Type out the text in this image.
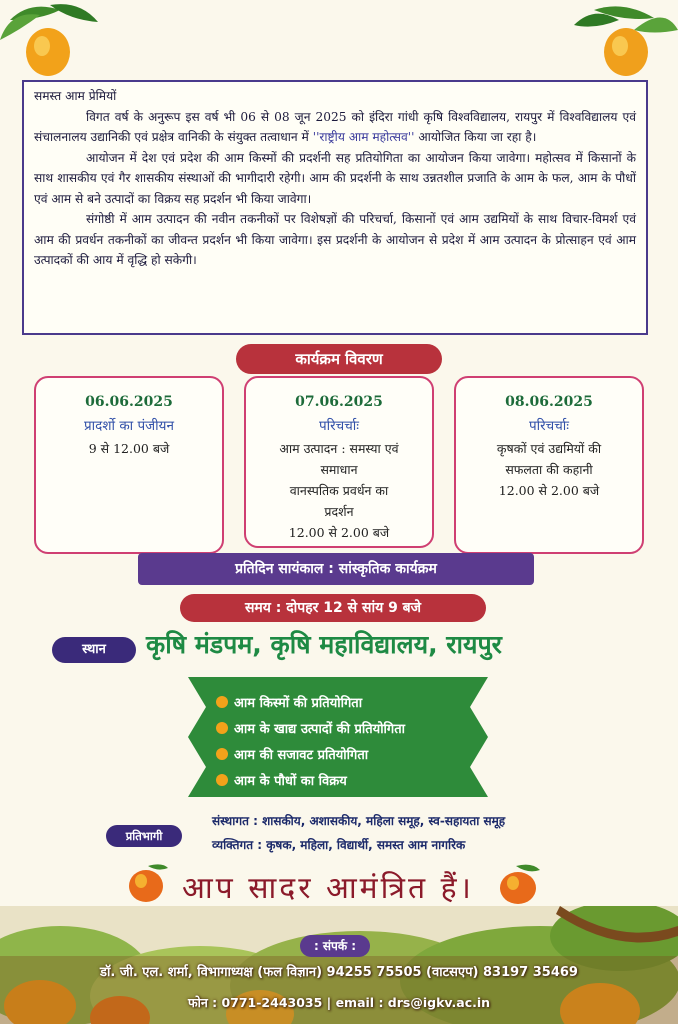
समस्त आम प्रेमियों

विगत वर्ष के अनुरूप इस वर्ष भी 06 से 08 जून 2025 को इंदिरा गांधी कृषि विश्वविद्यालय, रायपुर में विश्वविद्यालय एवं संचालनालय उद्यानिकी एवं प्रक्षेत्र वानिकी के संयुक्त तत्वाधान में ''राष्ट्रीय आम महोत्सव'' आयोजित किया जा रहा है।

आयोजन में देश एवं प्रदेश की आम किस्मों की प्रदर्शनी सह प्रतियोगिता का आयोजन किया जावेगा। महोत्सव में किसानों के साथ शासकीय एवं गैर शासकीय संस्थाओं की भागीदारी रहेगी। आम की प्रदर्शनी के साथ उन्नतशील प्रजाति के आम के फल, आम के पौधों एवं आम से बने उत्पादों का विक्रय सह प्रदर्शन भी किया जावेगा।

संगोष्ठी में आम उत्पादन की नवीन तकनीकों पर विशेषज्ञों की परिचर्चा, किसानों एवं आम उद्यमियों के साथ विचार-विमर्श एवं आम की प्रवर्धन तकनीकों का जीवन्त प्रदर्शन भी किया जावेगा। इस प्रदर्शनी के आयोजन से प्रदेश में आम उत्पादन के प्रोत्साहन एवं आम उत्पादकों की आय में वृद्धि हो सकेगी।

कार्यक्रम विवरण
06.06.2025
प्रादर्शो का पंजीयन
9 से 12.00 बजे
07.06.2025
परिचर्चाः
आम उत्पादन : समस्या एवं
समाधान
वानस्पतिक प्रवर्धन का
प्रदर्शन
12.00 से 2.00 बजे
08.06.2025
परिचर्चाः
कृषकों एवं उद्यमियों की
सफलता की कहानी
12.00 से 2.00 बजे
प्रतिदिन सायंकाल : सांस्कृतिक कार्यक्रम
समय : दोपहर 12 से सांय 9 बजे
स्थान	कृषि मंडपम, कृषि महाविद्यालय, रायपुर
आम किस्मों की प्रतियोगिता
आम के खाद्य उत्पादों की प्रतियोगिता
आम की सजावट प्रतियोगिता
आम के पौधों का विक्रय
प्रतिभागी
संस्थागत : शासकीय, अशासकीय, महिला समूह, स्व-सहायता समूह
व्यक्तिगत : कृषक, महिला, विद्यार्थी, समस्त आम नागरिक
आप सादर आमंत्रित हैं।
: संपर्क :
डॉ. जी. एल. शर्मा, विभागाध्यक्ष (फल विज्ञान) 94255 75505 (वाटसएप) 83197 35469
फोन : 0771-2443035 | email : drs@igkv.ac.in
